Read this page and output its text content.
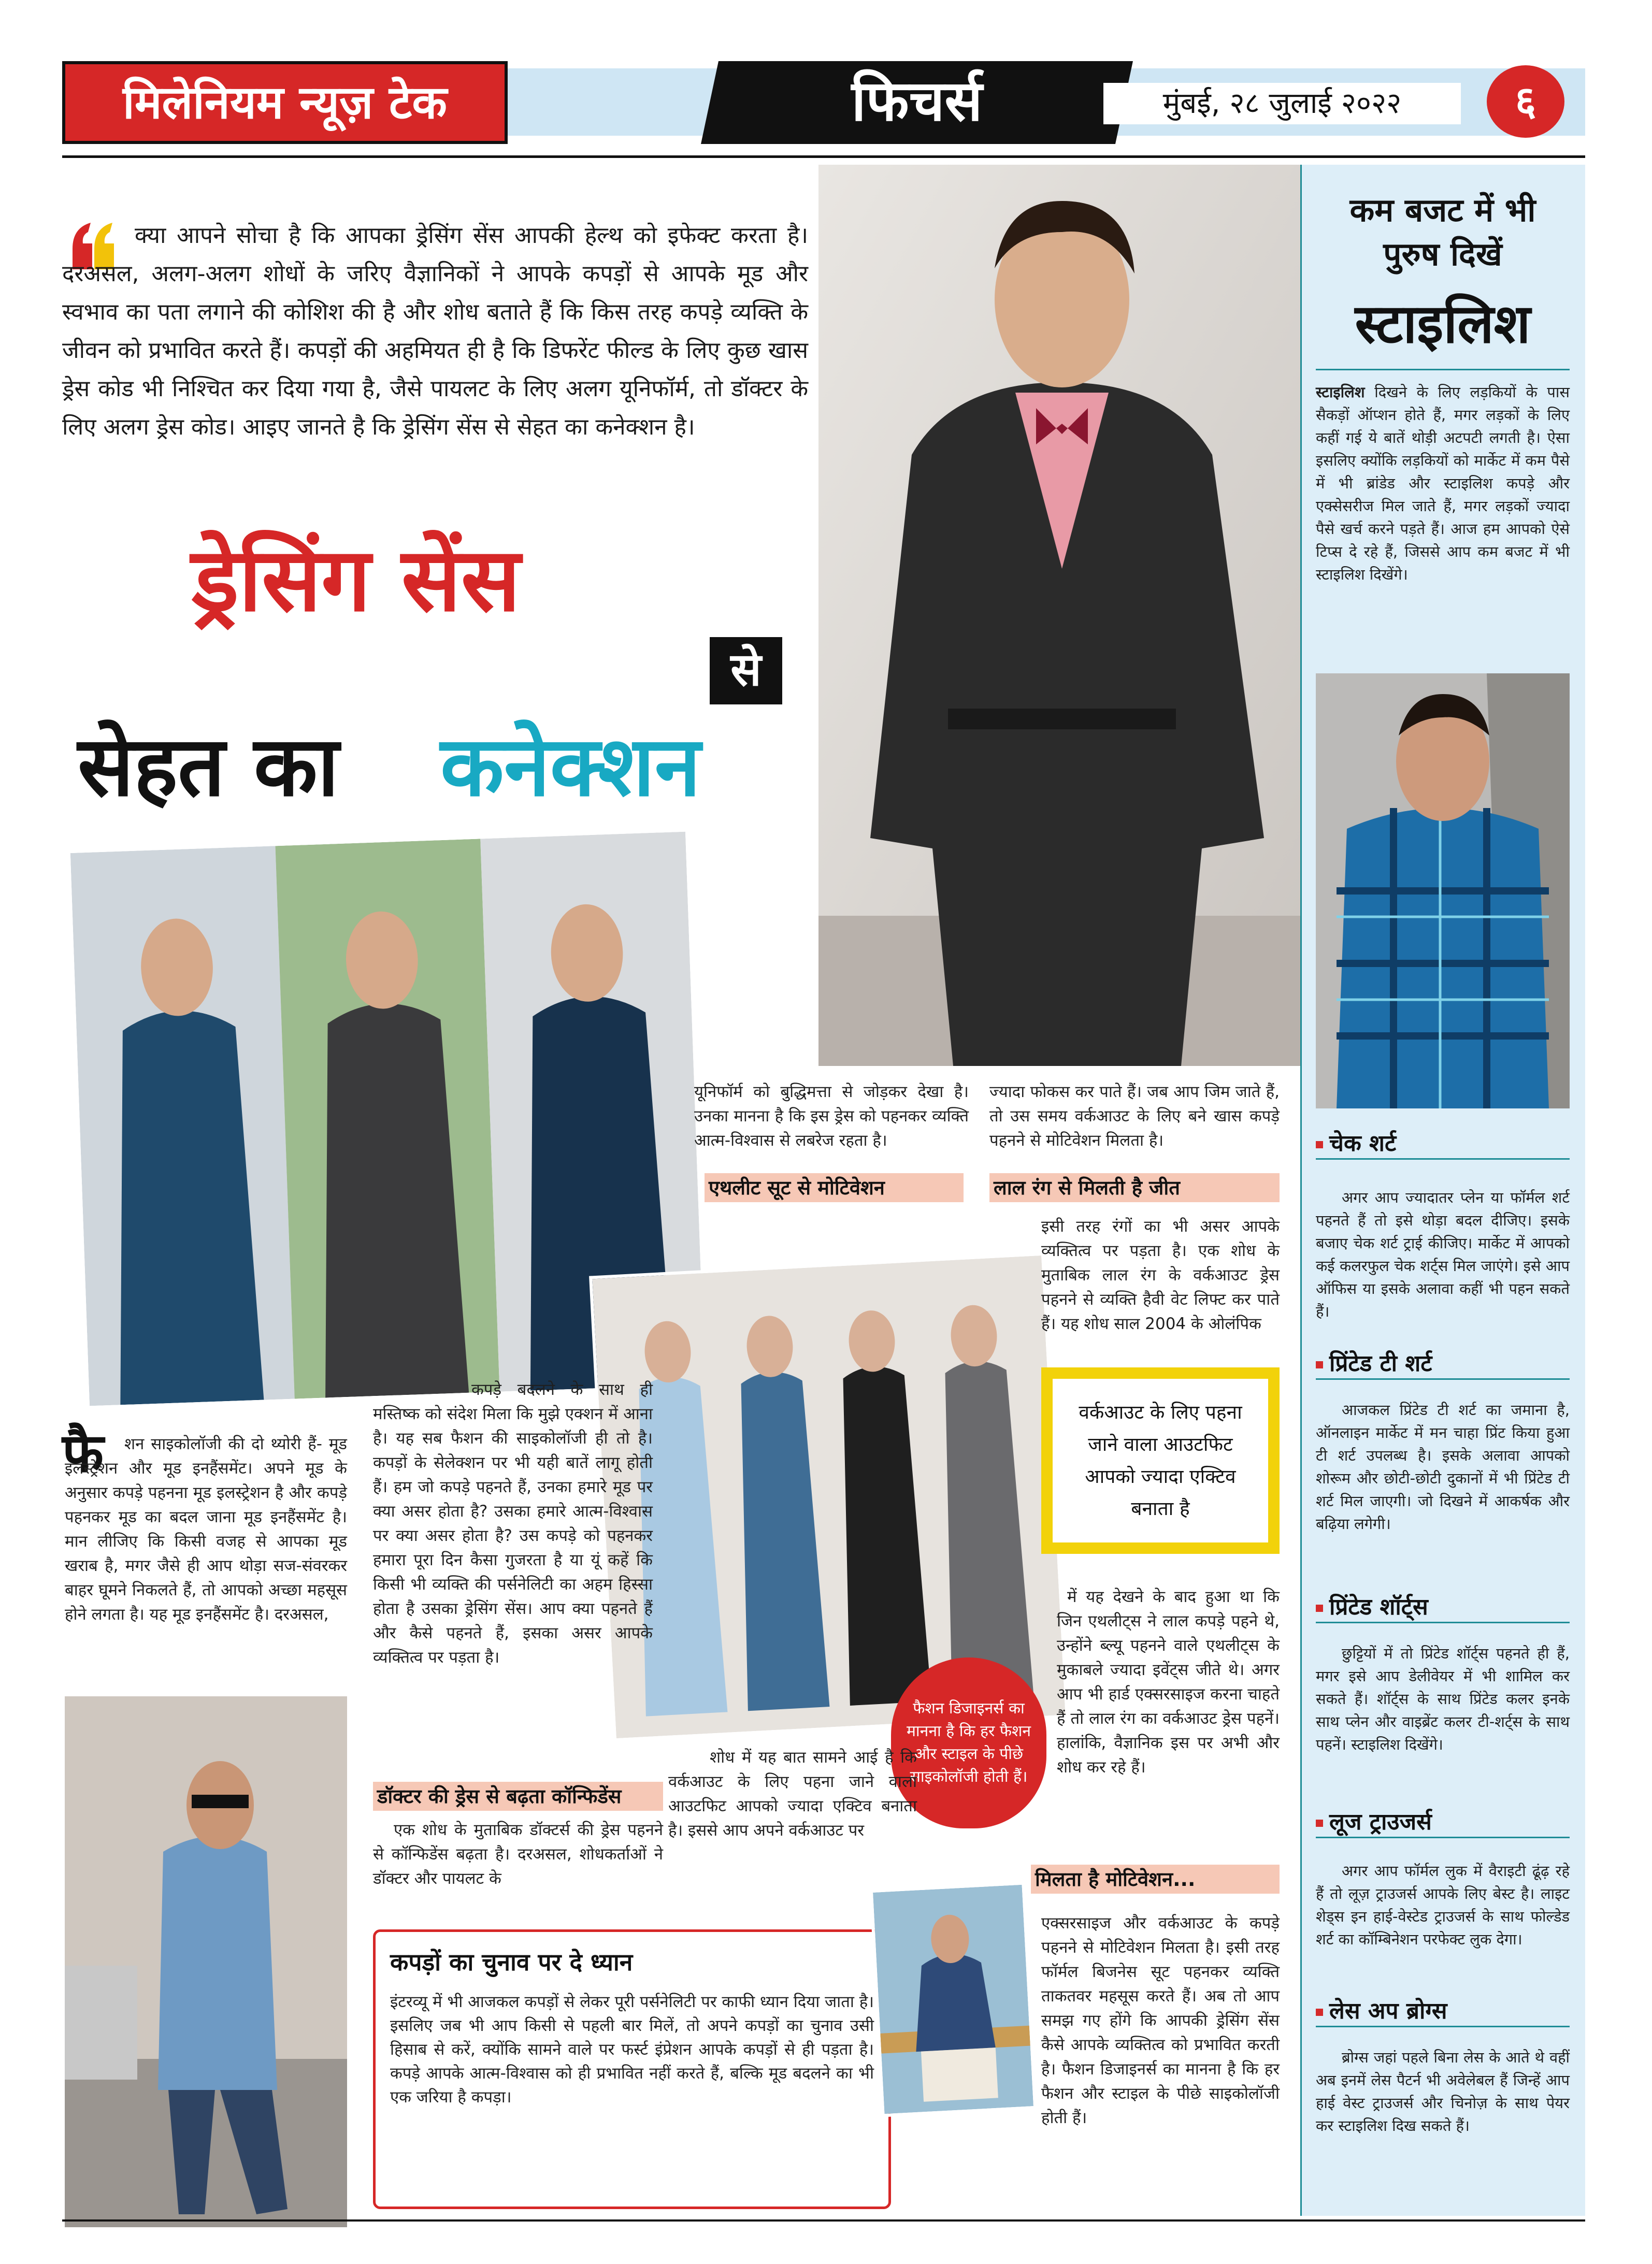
मिलेनियम न्यूज़ टेक	फिचर्स	मुंबई, २८ जुलाई २०२२	६

क्या आपने सोचा है कि आपका ड्रेसिंग सेंस आपकी हेल्थ को इफेक्ट करता है। दरअसल, अलग-अलग शोधों के जरिए वैज्ञानिकों ने आपके कपड़ों से आपके मूड और स्वभाव का पता लगाने की कोशिश की है और शोध बताते हैं कि किस तरह कपड़े व्यक्ति के जीवन को प्रभावित करते हैं। कपड़ों की अहमियत ही है कि डिफरेंट फील्ड के लिए कुछ खास ड्रेस कोड भी निश्चित कर दिया गया है, जैसे पायलट के लिए अलग यूनिफॉर्म, तो डॉक्टर के लिए अलग ड्रेस कोड। आइए जानते है कि ड्रेसिंग सेंस से सेहत का कनेक्शन है।

ड्रेसिंग सेंस
से
सेहत का	कनेक्शन
फै	शन साइकोलॉजी की दो थ्योरी हैं- मूड इलस्ट्रेशन और मूड इनहैंसमेंट। अपने मूड के अनुसार कपड़े पहनना मूड इलस्ट्रेशन है और कपड़े पहनकर मूड का बदल जाना मूड इनहैंसमेंट है। मान लीजिए कि किसी वजह से आपका मूड खराब है, मगर जैसे ही आप थोड़ा सज-संवरकर बाहर घूमने निकलते हैं, तो आपको अच्छा महसूस होने लगता है। यह मूड इनहैंसमेंट है। दरअसल,

कपड़े बदलने के साथ ही मस्तिष्क को संदेश मिला कि मुझे एक्शन में आना है। यह सब फैशन की साइकोलॉजी ही तो है। कपड़ों के सेलेक्शन पर भी यही बातें लागू होती हैं। हम जो कपड़े पहनते हैं, उनका हमारे मूड पर क्या असर होता है? उसका हमारे आत्म-विश्वास पर क्या असर होता है? उस कपड़े को पहनकर हमारा पूरा दिन कैसा गुजरता है या यूं कहें कि किसी भी व्यक्ति की पर्सनेलिटी का अहम हिस्सा होता है उसका ड्रेसिंग सेंस। आप क्या पहनते हैं और कैसे पहनते हैं, इसका असर आपके व्यक्तित्व पर पड़ता है।

डॉक्टर की ड्रेस से बढ़ता कॉन्फिडेंस

एक शोध के मुताबिक डॉक्टर्स की ड्रेस पहनने से कॉन्फिडेंस बढ़ता है। दरअसल, शोधकर्ताओं ने डॉक्टर और पायलट के

यूनिफॉर्म को बुद्धिमत्ता से जोड़कर देखा है। उनका मानना है कि इस ड्रेस को पहनकर व्यक्ति आत्म-विश्वास से लबरेज रहता है।

एथलीट सूट से मोटिवेशन

ज्यादा फोकस कर पाते हैं। जब आप जिम जाते हैं, तो उस समय वर्कआउट के लिए बने खास कपड़े पहनने से मोटिवेशन मिलता है।

लाल रंग से मिलती है जीत

इसी तरह रंगों का भी असर आपके व्यक्तित्व पर पड़ता है। एक शोध के मुताबिक लाल रंग के वर्कआउट ड्रेस पहनने से व्यक्ति हैवी वेट लिफ्ट कर पाते हैं। यह शोध साल 2004 के ओलंपिक

वर्कआउट के लिए पहना जाने वाला आउटफिट आपको ज्यादा एक्टिव बनाता है

में यह देखने के बाद हुआ था कि जिन एथलीट्स ने लाल कपड़े पहने थे, उन्होंने ब्ल्यू पहनने वाले एथलीट्स के मुकाबले ज्यादा इवेंट्स जीते थे। अगर आप भी हार्ड एक्सरसाइज करना चाहते हैं तो लाल रंग का वर्कआउट ड्रेस पहनें। हालांकि, वैज्ञानिक इस पर अभी और शोध कर रहे हैं।

फैशन डिजाइनर्स का मानना है कि हर फैशन और स्टाइल के पीछे साइकोलॉजी होती हैं।

शोध में यह बात सामने आई है कि वर्कआउट के लिए पहना जाने वाला आउटफिट आपको ज्यादा एक्टिव बनाता है। इससे आप अपने वर्कआउट पर

कपड़ों का चुनाव पर दे ध्यान
इंटरव्यू में भी आजकल कपड़ों से लेकर पूरी पर्सनेलिटी पर काफी ध्यान दिया जाता है। इसलिए जब भी आप किसी से पहली बार मिलें, तो अपने कपड़ों का चुनाव उसी हिसाब से करें, क्योंकि सामने वाले पर फर्स्ट इंप्रेशन आपके कपड़ों से ही पड़ता है। कपड़े आपके आत्म-विश्वास को ही प्रभावित नहीं करते हैं, बल्कि मूड बदलने का भी एक जरिया है कपड़ा।
मिलता है मोटिवेशन...

एक्सरसाइज और वर्कआउट के कपड़े पहनने से मोटिवेशन मिलता है। इसी तरह फॉर्मल बिजनेस सूट पहनकर व्यक्ति ताकतवर महसूस करते हैं। अब तो आप समझ गए होंगे कि आपकी ड्रेसिंग सेंस कैसे आपके व्यक्तित्व को प्रभावित करती है। फैशन डिजाइनर्स का मानना है कि हर फैशन और स्टाइल के पीछे साइकोलॉजी होती हैं।

कम बजट में भी
पुरुष दिखें
स्टाइलिश

स्टाइलिश दिखने के लिए लड़कियों के पास सैकड़ों ऑप्शन होते हैं, मगर लड़कों के लिए कहीं गई ये बातें थोड़ी अटपटी लगती है। ऐसा इसलिए क्योंकि लड़कियों को मार्केट में कम पैसे में भी ब्रांडेड और स्टाइलिश कपड़े और एक्सेसरीज मिल जाते हैं, मगर लड़कों ज्यादा पैसे खर्च करने पड़ते हैं। आज हम आपको ऐसे टिप्स दे रहे हैं, जिससे आप कम बजट में भी स्टाइलिश दिखेंगे।

चेक शर्ट

अगर आप ज्यादातर प्लेन या फॉर्मल शर्ट पहनते हैं तो इसे थोड़ा बदल दीजिए। इसके बजाए चेक शर्ट ट्राई कीजिए। मार्केट में आपको कई कलरफुल चेक शर्ट्स मिल जाएंगे। इसे आप ऑफिस या इसके अलावा कहीं भी पहन सकते हैं।

प्रिंटेड टी शर्ट

आजकल प्रिंटेड टी शर्ट का जमाना है, ऑनलाइन मार्केट में मन चाहा प्रिंट किया हुआ टी शर्ट उपलब्ध है। इसके अलावा आपको शोरूम और छोटी-छोटी दुकानों में भी प्रिंटेड टी शर्ट मिल जाएगी। जो दिखने में आकर्षक और बढ़िया लगेगी।

प्रिंटेड शॉर्ट्स

छुट्टियों में तो प्रिंटेड शॉर्ट्स पहनते ही हैं, मगर इसे आप डेलीवेयर में भी शामिल कर सकते हैं। शॉर्ट्स के साथ प्रिंटेड कलर इनके साथ प्लेन और वाइब्रेंट कलर टी-शर्ट्स के साथ पहनें। स्टाइलिश दिखेंगे।

लूज ट्राउजर्स

अगर आप फॉर्मल लुक में वैराइटी ढूंढ़ रहे हैं तो लूज़ ट्राउजर्स आपके लिए बेस्ट है। लाइट शेड्स इन हाई-वेस्टेड ट्राउजर्स के साथ फोल्डेड शर्ट का कॉम्बिनेशन परफेक्ट लुक देगा।

लेस अप ब्रोग्स

ब्रोग्स जहां पहले बिना लेस के आते थे वहीं अब इनमें लेस पैटर्न भी अवेलेबल हैं जिन्हें आप हाई वेस्ट ट्राउजर्स और चिनोज़ के साथ पेयर कर स्टाइलिश दिख सकते हैं।
